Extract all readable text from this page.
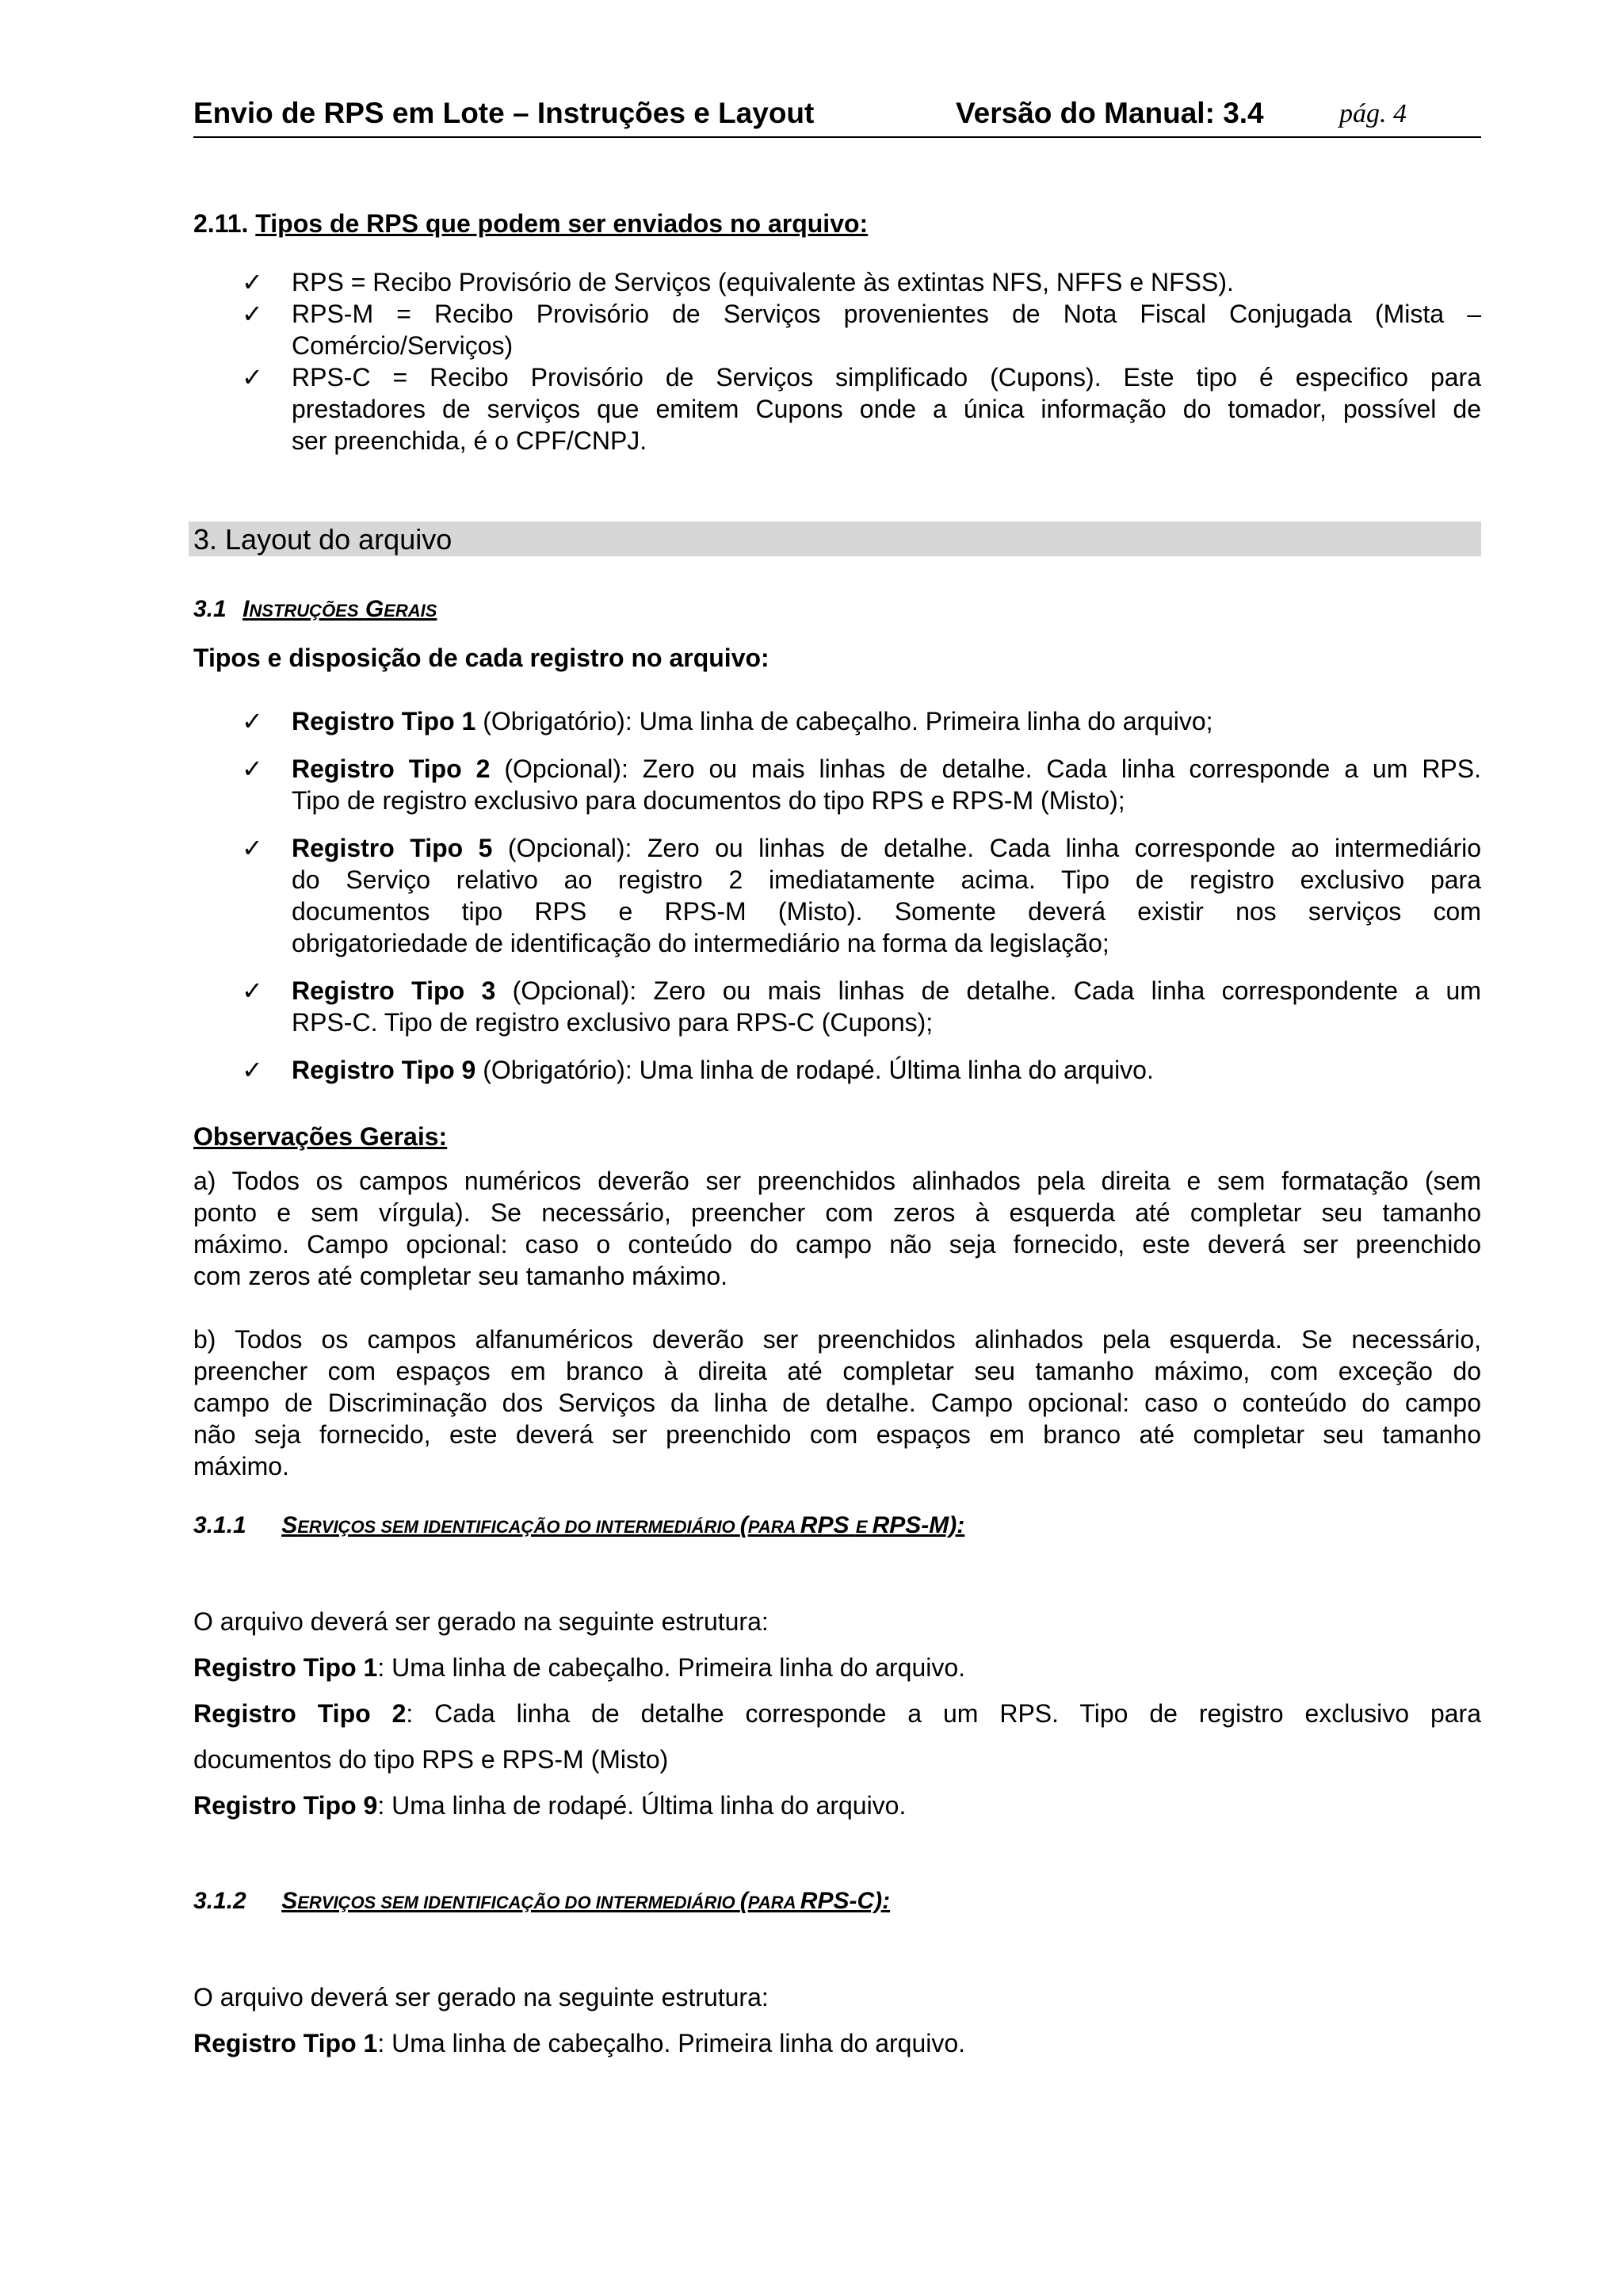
Envio de RPS em Lote – Instruções e Layout	Versão do Manual: 3.4	pág. 4
2.11. Tipos de RPS que podem ser enviados no arquivo:
✓ RPS = Recibo Provisório de Serviços (equivalente às extintas NFS, NFFS e NFSS).
✓ RPS-M = Recibo Provisório de Serviços provenientes de Nota Fiscal Conjugada (Mista –
Comércio/Serviços)
✓ RPS-C = Recibo Provisório de Serviços simplificado (Cupons). Este tipo é especifico para
prestadores de serviços que emitem Cupons onde a única informação do tomador, possível de
ser preenchida, é o CPF/CNPJ.
3. Layout do arquivo
3.1 INSTRUÇÕES GERAIS
Tipos e disposição de cada registro no arquivo:
✓ Registro Tipo 1 (Obrigatório): Uma linha de cabeçalho. Primeira linha do arquivo;
✓ Registro Tipo 2 (Opcional): Zero ou mais linhas de detalhe. Cada linha corresponde a um RPS.
Tipo de registro exclusivo para documentos do tipo RPS e RPS-M (Misto);
✓ Registro Tipo 5 (Opcional): Zero ou linhas de detalhe. Cada linha corresponde ao intermediário
do Serviço relativo ao registro 2 imediatamente acima. Tipo de registro exclusivo para
documentos tipo RPS e RPS-M (Misto). Somente deverá existir nos serviços com
obrigatoriedade de identificação do intermediário na forma da legislação;
✓ Registro Tipo 3 (Opcional): Zero ou mais linhas de detalhe. Cada linha correspondente a um
RPS-C. Tipo de registro exclusivo para RPS-C (Cupons);
✓ Registro Tipo 9 (Obrigatório): Uma linha de rodapé. Última linha do arquivo.
Observações Gerais:
a) Todos os campos numéricos deverão ser preenchidos alinhados pela direita e sem formatação (sem
ponto e sem vírgula). Se necessário, preencher com zeros à esquerda até completar seu tamanho
máximo. Campo opcional: caso o conteúdo do campo não seja fornecido, este deverá ser preenchido
com zeros até completar seu tamanho máximo.
b) Todos os campos alfanuméricos deverão ser preenchidos alinhados pela esquerda. Se necessário,
preencher com espaços em branco à direita até completar seu tamanho máximo, com exceção do
campo de Discriminação dos Serviços da linha de detalhe. Campo opcional: caso o conteúdo do campo
não seja fornecido, este deverá ser preenchido com espaços em branco até completar seu tamanho
máximo.
3.1.1 SERVIÇOS SEM IDENTIFICAÇÃO DO INTERMEDIÁRIO (PARA RPS E RPS-M):
O arquivo deverá ser gerado na seguinte estrutura:
Registro Tipo 1: Uma linha de cabeçalho. Primeira linha do arquivo.
Registro Tipo 2: Cada linha de detalhe corresponde a um RPS. Tipo de registro exclusivo para
documentos do tipo RPS e RPS-M (Misto)
Registro Tipo 9: Uma linha de rodapé. Última linha do arquivo.
3.1.2 SERVIÇOS SEM IDENTIFICAÇÃO DO INTERMEDIÁRIO (PARA RPS-C):
O arquivo deverá ser gerado na seguinte estrutura:
Registro Tipo 1: Uma linha de cabeçalho. Primeira linha do arquivo.
